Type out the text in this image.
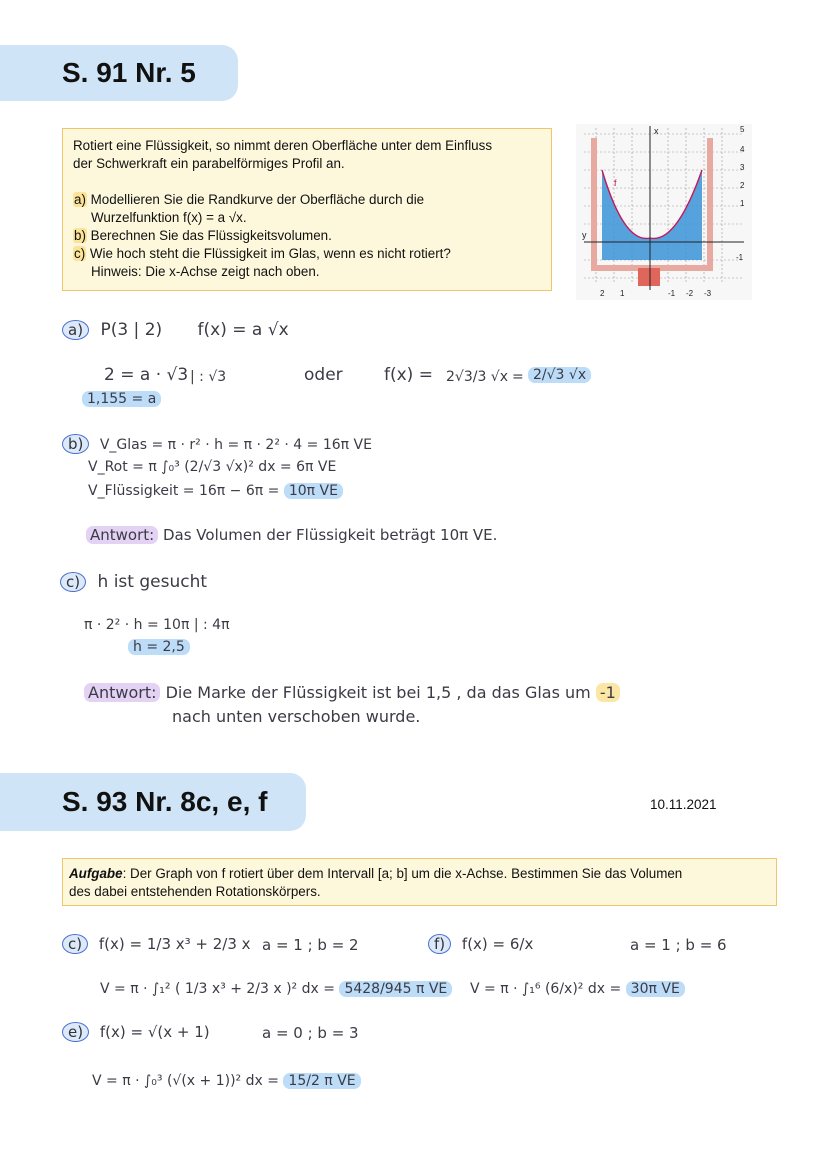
S. 91 Nr. 5

Rotiert eine Flüssigkeit, so nimmt deren Oberfläche unter dem Einfluss

der Schwerkraft ein parabelförmiges Profil an.

a) Modellieren Sie die Randkurve der Oberfläche durch die

Wurzelfunktion f(x) = a √x.

b) Berechnen Sie das Flüssigkeitsvolumen.

c) Wie hoch steht die Flüssigkeit im Glas, wenn es nicht rotiert?

Hinweis: Die x-Achse zeigt nach oben.

x
y
f
5
4
3
2
1
-1
2 1	-1 -2 -3
a) P(3 | 2) f(x) = a √x
2 = a · √3 | : √3	oder f(x) = 2√3/3 √x = 2/√3 √x
1,155 = a
b) V_Glas = π · r² · h = π · 2² · 4 = 16π VE
V_Rot = π ∫₀³ (2/√3 √x)² dx = 6π VE
V_Flüssigkeit = 16π − 6π = 10π VE
Antwort: Das Volumen der Flüssigkeit beträgt 10π VE.
c) h ist gesucht
π · 2² · h = 10π | : 4π
h = 2,5
Antwort: Die Marke der Flüssigkeit ist bei 1,5 , da das Glas um -1
nach unten verschoben wurde.
S. 93 Nr. 8c, e, f	10.11.2021

Aufgabe: Der Graph von f rotiert über dem Intervall [a; b] um die x-Achse. Bestimmen Sie das Volumen

des dabei entstehenden Rotationskörpers.

c) f(x) = 1/3 x³ + 2/3 x a = 1 ; b = 2
V = π · ∫₁² ( 1/3 x³ + 2/3 x )² dx = 5428/945 π VE
f) f(x) = 6/x	a = 1 ; b = 6
V = π · ∫₁⁶ (6/x)² dx = 30π VE
e) f(x) = √(x + 1)	a = 0 ; b = 3
V = π · ∫₀³ (√(x + 1))² dx = 15/2 π VE
